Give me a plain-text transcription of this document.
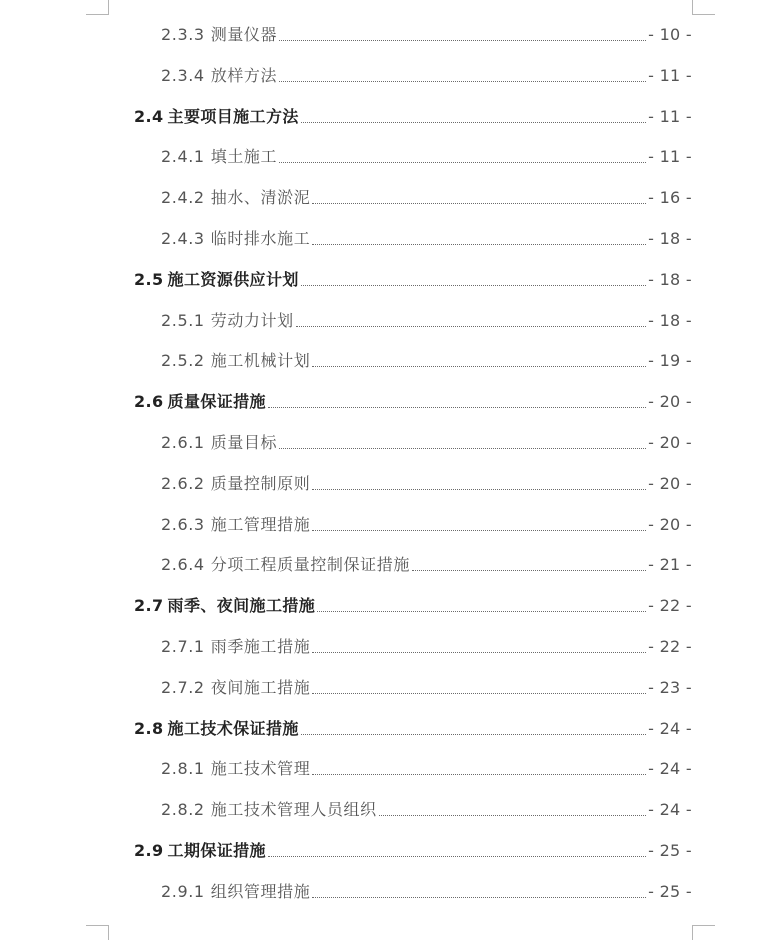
2.3.3 测量仪器	- 10 -
2.3.4 放样方法	- 11 -
2.4 主要项目施工方法	- 11 -
2.4.1 填土施工	- 11 -
2.4.2 抽水、清淤泥	- 16 -
2.4.3 临时排水施工	- 18 -
2.5 施工资源供应计划	- 18 -
2.5.1 劳动力计划	- 18 -
2.5.2 施工机械计划	- 19 -
2.6 质量保证措施	- 20 -
2.6.1 质量目标	- 20 -
2.6.2 质量控制原则	- 20 -
2.6.3 施工管理措施	- 20 -
2.6.4 分项工程质量控制保证措施	- 21 -
2.7 雨季、夜间施工措施	- 22 -
2.7.1 雨季施工措施	- 22 -
2.7.2 夜间施工措施	- 23 -
2.8 施工技术保证措施	- 24 -
2.8.1 施工技术管理	- 24 -
2.8.2 施工技术管理人员组织	- 24 -
2.9 工期保证措施	- 25 -
2.9.1 组织管理措施	- 25 -
